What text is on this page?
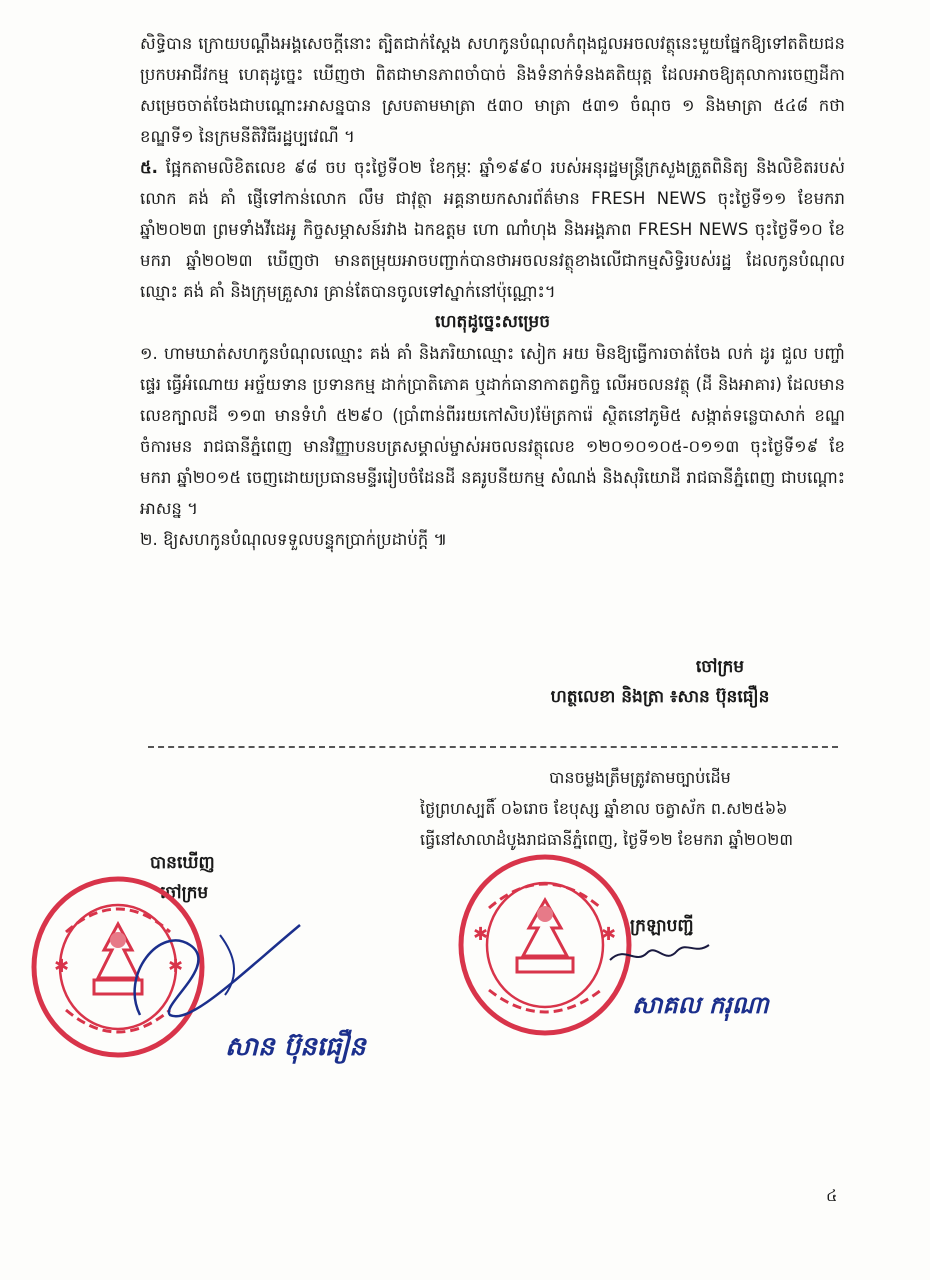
សិទ្ធិបាន ក្រោយបណ្តឹងអង្គសេចក្តីនោះ ត្បិតជាក់ស្តែង សហកូនបំណុលកំពុងជួលអចលវត្ថុនេះមួយផ្នែកឱ្យទៅតតិយជនប្រកបអាជីវកម្ម ហេតុដូច្នេះ ឃើញថា ពិតជាមានភាពចាំបាច់ និងទំនាក់ទំនងគតិយុត្ត ដែលអាចឱ្យតុលាការចេញដីកាសម្រេចចាត់ចែងជាបណ្តោះអាសន្នបាន ស្របតាមមាត្រា ៥៣០ មាត្រា ៥៣១ ចំណុច ១ និងមាត្រា ៥៤៨ កថាខណ្ឌទី១ នៃក្រមនីតិវិធីរដ្ឋប្បវេណី ។

៥. ផ្អែកតាមលិខិតលេខ ៩៨ ចប ចុះថ្ងៃទី០២ ខែកុម្ភៈ ឆ្នាំ១៩៩០ របស់អនុរដ្ឋមន្ត្រីក្រសួងត្រួតពិនិត្យ និងលិខិតរបស់លោក គង់ គាំ ផ្ញើទៅកាន់លោក លឹម ជាវុត្ថា អគ្គនាយកសារព័ត៌មាន FRESH NEWS ចុះថ្ងៃទី១១ ខែមករា ឆ្នាំ២០២៣ ព្រមទាំងវីដេអូ កិច្ចសម្ភាសន៍រវាង ឯកឧត្តម ហោ ណាំហុង និងអង្គភាព FRESH NEWS ចុះថ្ងៃទី១០ ខែមករា ឆ្នាំ២០២៣ ឃើញថា មានតម្រុយអាចបញ្ជាក់បានថាអចលនវត្ថុខាងលើជាកម្មសិទ្ធិរបស់រដ្ឋ ដែលកូនបំណុលឈ្មោះ គង់ គាំ និងក្រុមគ្រួសារ គ្រាន់តែបានចូលទៅស្នាក់នៅប៉ុណ្ណោះ។

ហេតុដូច្នេះសម្រេច

១. ហាមឃាត់សហកូនបំណុលឈ្មោះ គង់ គាំ និងភរិយាឈ្មោះ សៀក អយ មិនឱ្យធ្វើការចាត់ចែង លក់ ដូរ ជួល បញ្ចាំ ផ្ទេរ ធ្វើអំណោយ អច្ច័យទាន ប្រទានកម្ម ដាក់ប្រាតិភោគ ឬដាក់ធានាកាតព្វកិច្ច លើអចលនវត្ថុ (ដី និងអាគារ) ដែលមានលេខក្បាលដី ១១៣ មានទំហំ ៥២៩០ (ប្រាំពាន់ពីររយកៅសិប)ម៉ែត្រការ៉េ ស្ថិតនៅភូមិ៥ សង្កាត់ទន្លេបាសាក់ ខណ្ឌចំការមន រាជធានីភ្នំពេញ មានវិញ្ញាបនបត្រសម្គាល់ម្ចាស់អចលនវត្ថុលេខ ១២០១០១០៥-០១១៣ ចុះថ្ងៃទី១៩ ខែមករា ឆ្នាំ២០១៥ ចេញដោយប្រធានមន្ទីររៀបចំដែនដី នគរូបនីយកម្ម សំណង់ និងសុរិយោដី រាជធានីភ្នំពេញ ជាបណ្តោះអាសន្ន ។

២. ឱ្យសហកូនបំណុលទទួលបន្ទុកប្រាក់ប្រដាប់ក្តី ៕

ចៅក្រម
ហត្ថលេខា និងត្រា ៖សាន ប៊ុនធឿន
បានចម្លងត្រឹមត្រូវតាមច្បាប់ដើម
ថ្ងៃព្រហស្បតិ៍ ០៦រោច ខែបុស្ស ឆ្នាំខាល ចត្វាស័ក ព.ស២៥៦៦
ធ្វើនៅសាលាដំបូងរាជធានីភ្នំពេញ, ថ្ងៃទី១២ ខែមករា ឆ្នាំ២០២៣
បានឃើញ
ចៅក្រម
ក្រឡាបញ្ជី
✱	✱
សាន ប៊ុនធឿន
✱	✱
សាគល ករុណា
៤
